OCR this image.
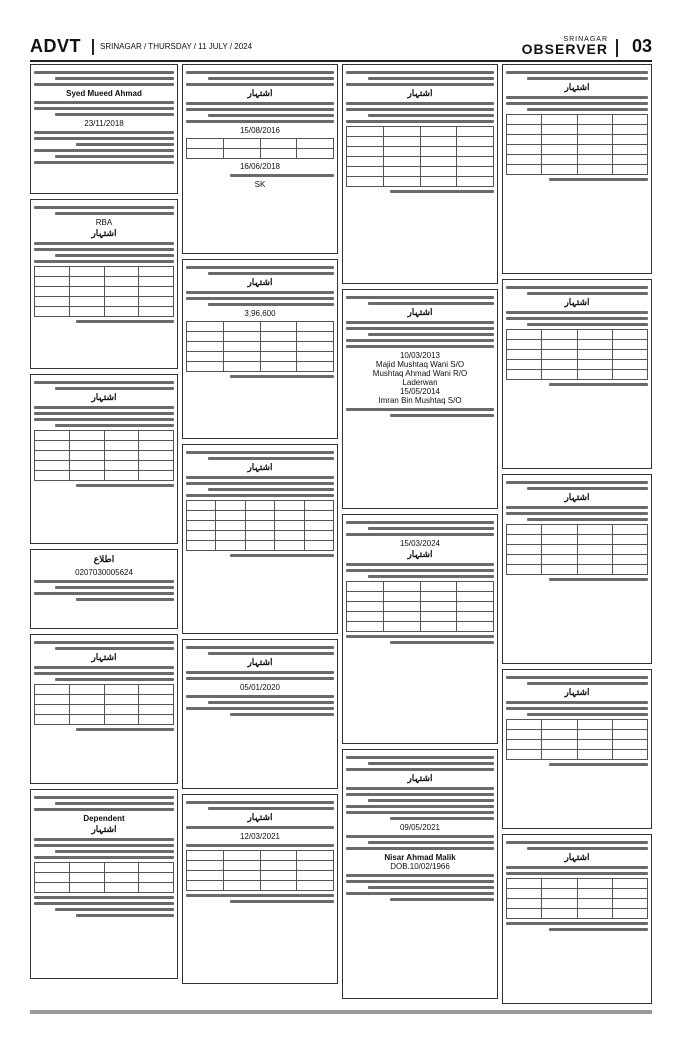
ADVT SRINAGAR / THURSDAY / 11 JULY / 2024
SRINAGAR
OBSERVER 03
Syed Mueed Ahmad
23/11/2018
RBA
اشتہار

اشتہار

اطلاع
0207030005624
اشتہار

Dependent
اشتہار

اشتہار
15/08/2016

16/06/2018
SK
اشتہار
3,96,600

اشتہار

اشتہار
05/01/2020
اشتہار
12/03/2021

اشتہار

اشتہار
10/03/2013
Majid Mushtaq Wani S/O
Mushtaq Ahmad Wani R/O
Laderwan
15/05/2014
Imran Bin Mushtaq S/O
15/03/2024
اشتہار

اشتہار
09/05/2021
Nisar Ahmad Malik
DOB.10/02/1966
اشتہار

اشتہار

اشتہار

اشتہار

اشتہار
